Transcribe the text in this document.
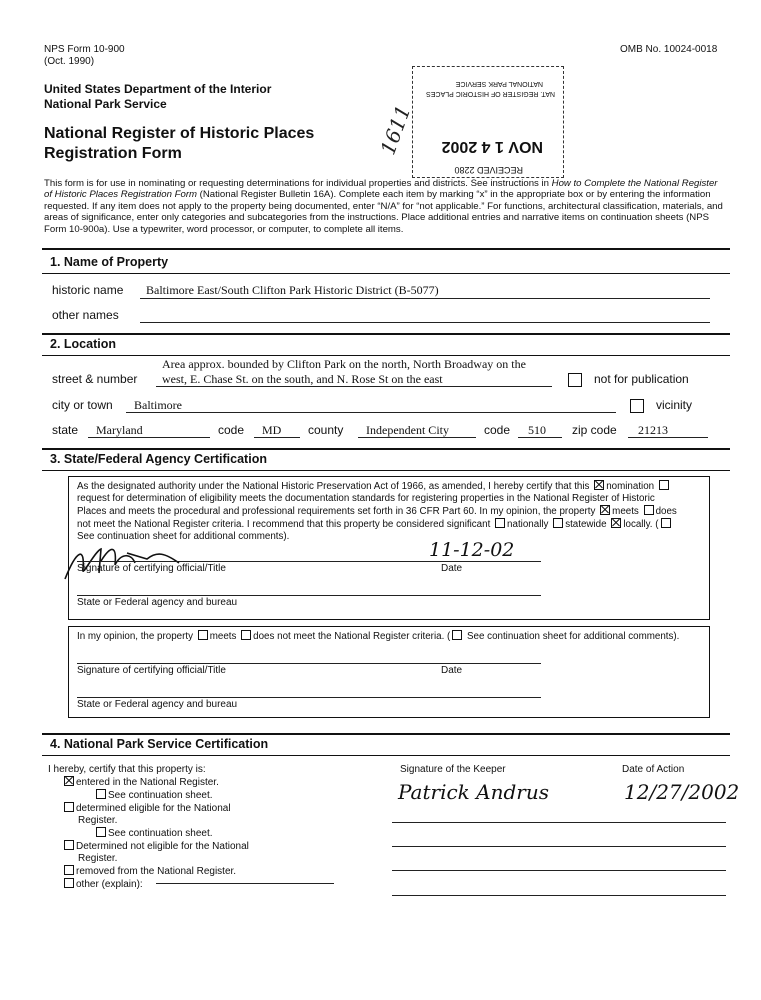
NPS Form 10-900
(Oct. 1990)
OMB No. 10024-0018
United States Department of the Interior
National Park Service
National Register of Historic Places
Registration Form	1611 NOV 1 4 2002
NAT. REGISTER OF HISTORIC PLACES
NATIONAL PARK SERVICE
RECEIVED 2280
This form is for use in nominating or requesting determinations for individual properties and districts. See instructions in How to Complete the National Register of Historic Places Registration Form (National Register Bulletin 16A). Complete each item by marking “x” in the appropriate box or by entering the information requested. If any item does not apply to the property being documented, enter “N/A” for “not applicable.” For functions, architectural classification, materials, and areas of significance, enter only categories and subcategories from the instructions. Place additional entries and narrative items on continuation sheets (NPS Form 10-900a). Use a typewriter, word processor, or computer, to complete all items.
1. Name of Property
historic name Baltimore East/South Clifton Park Historic District (B-5077)
other names
2. Location
street & number
Area approx. bounded by Clifton Park on the north, North Broadway on the
west, E. Chase St. on the south, and N. Rose St on the east	not for publication
city or town Baltimore	vicinity
state Maryland	code MD county Independent City	code 510 zip code 21213
3. State/Federal Agency Certification
As the designated authority under the National Historic Preservation Act of 1966, as amended, I hereby certify that this nomination
request for determination of eligibility meets the documentation standards for registering properties in the National Register of Historic
Places and meets the procedural and professional requirements set forth in 36 CFR Part 60. In my opinion, the property meets does
not meet the National Register criteria. I recommend that this property be considered significant nationally statewide locally. (
See continuation sheet for additional comments).
11-12-02
Signature of certifying official/Title	Date
State or Federal agency and bureau
In my opinion, the property meets does not meet the National Register criteria. ( See continuation sheet for additional comments).
Signature of certifying official/Title	Date
State or Federal agency and bureau
4. National Park Service Certification
I hereby, certify that this property is:
entered in the National Register.
See continuation sheet.
determined eligible for the National
Register.
See continuation sheet.
Determined not eligible for the National
Register.
removed from the National Register.
other (explain):
Signature of the Keeper	Date of Action
Patrick Andrus	12/27/2002
